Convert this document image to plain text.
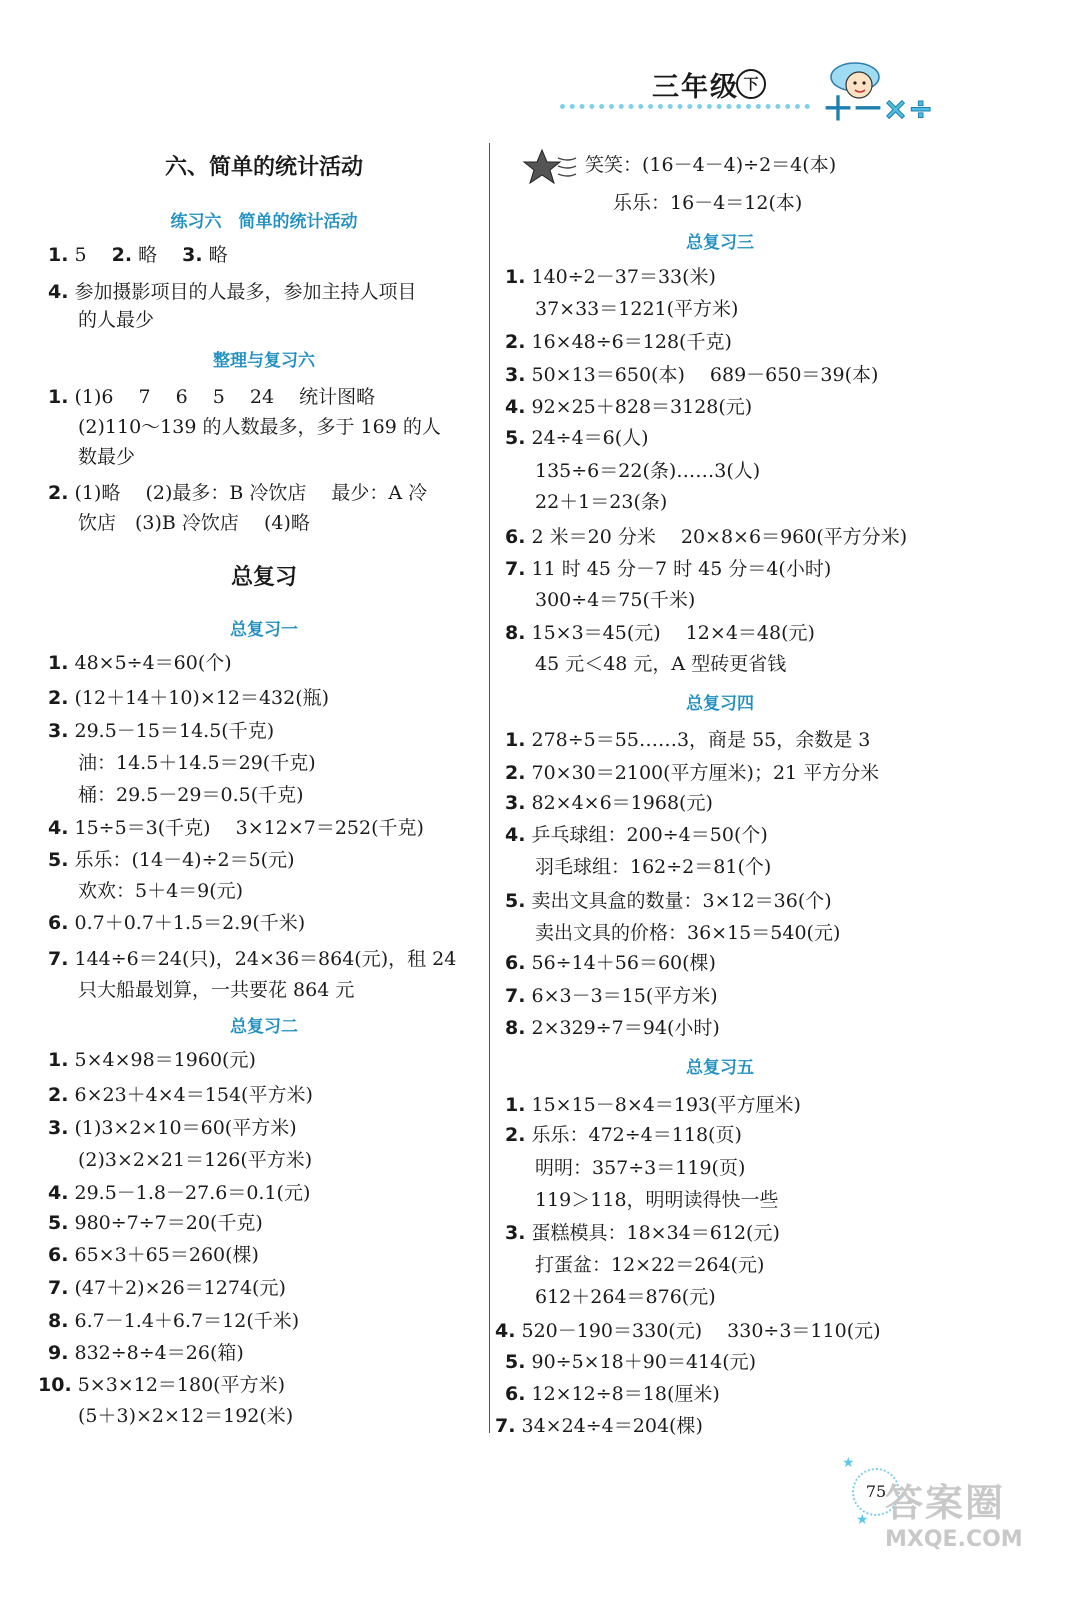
三年级 下
＋－×÷
六、简单的统计活动
练习六　简单的统计活动
1. 5　 2. 略　 3. 略
4. 参加摄影项目的人最多，参加主持人项目
的人最少
整理与复习六
1. (1)6　 7　 6　 5　 24　 统计图略
(2)110～139 的人数最多，多于 169 的人
数最少
2. (1)略　 (2)最多：B 冷饮店　 最少：A 冷
饮店　(3)B 冷饮店　 (4)略
总复习
总复习一
1. 48×5÷4＝60(个)
2. (12＋14＋10)×12＝432(瓶)
3. 29.5－15＝14.5(千克)
油：14.5＋14.5＝29(千克)
桶：29.5－29＝0.5(千克)
4. 15÷5＝3(千克)　 3×12×7＝252(千克)
5. 乐乐：(14－4)÷2＝5(元)
欢欢：5＋4＝9(元)
6. 0.7＋0.7＋1.5＝2.9(千米)
7. 144÷6＝24(只)，24×36＝864(元)，租 24
只大船最划算，一共要花 864 元
总复习二
1. 5×4×98＝1960(元)
2. 6×23＋4×4＝154(平方米)
3. (1)3×2×10＝60(平方米)
(2)3×2×21＝126(平方米)
4. 29.5－1.8－27.6＝0.1(元)
5. 980÷7÷7＝20(千克)
6. 65×3＋65＝260(棵)
7. (47＋2)×26＝1274(元)
8. 6.7－1.4＋6.7＝12(千米)
9. 832÷8÷4＝26(箱)
10. 5×3×12＝180(平方米)
(5＋3)×2×12＝192(米)
笑笑：(16－4－4)÷2＝4(本)
乐乐：16－4＝12(本)
总复习三
1. 140÷2－37＝33(米)
37×33＝1221(平方米)
2. 16×48÷6＝128(千克)
3. 50×13＝650(本)　 689－650＝39(本)
4. 92×25＋828＝3128(元)
5. 24÷4＝6(人)
135÷6＝22(条)……3(人)
22＋1＝23(条)
6. 2 米＝20 分米　 20×8×6＝960(平方分米)
7. 11 时 45 分－7 时 45 分＝4(小时)
300÷4＝75(千米)
8. 15×3＝45(元)　 12×4＝48(元)
45 元＜48 元，A 型砖更省钱
总复习四
1. 278÷5＝55……3，商是 55，余数是 3
2. 70×30＝2100(平方厘米)；21 平方分米
3. 82×4×6＝1968(元)
4. 乒乓球组：200÷4＝50(个)
羽毛球组：162÷2＝81(个)
5. 卖出文具盒的数量：3×12＝36(个)
卖出文具的价格：36×15＝540(元)
6. 56÷14＋56＝60(棵)
7. 6×3－3＝15(平方米)
8. 2×329÷7＝94(小时)
总复习五
1. 15×15－8×4＝193(平方厘米)
2. 乐乐：472÷4＝118(页)
明明：357÷3＝119(页)
119＞118，明明读得快一些
3. 蛋糕模具：18×34＝612(元)
打蛋盆：12×22＝264(元)
612＋264＝876(元)
4. 520－190＝330(元)　 330÷3＝110(元)
5. 90÷5×18＋90＝414(元)
6. 12×12÷8＝18(厘米)
7. 34×24÷4＝204(棵)
★
★
75
答案圈
MXQE.COM
